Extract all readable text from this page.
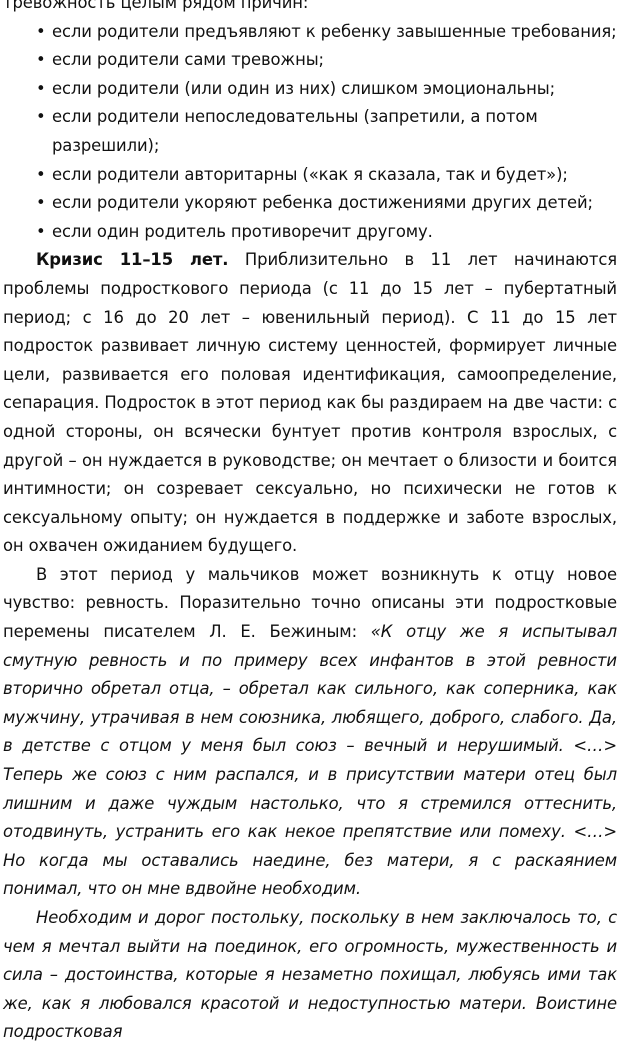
тревожность целым рядом причин:

• если родители предъявляют к ребенку завышенные требования;
• если родители сами тревожны;
• если родители (или один из них) слишком эмоциональны;
• если родители непоследовательны (запретили, а потом разрешили);
• если родители авторитарны («как я сказала, так и будет»);
• если родители укоряют ребенка достижениями других детей;
• если один родитель противоречит другому.

Кризис 11–15 лет. Приблизительно в 11 лет начинаются проблемы подросткового периода (с 11 до 15 лет – пубертатный период; с 16 до 20 лет – ювенильный период). С 11 до 15 лет подросток развивает личную систему ценностей, формирует личные цели, развивается его половая идентификация, самоопределение, сепарация. Подросток в этот период как бы раздираем на две части: с одной стороны, он всячески бунтует против контроля взрослых, с другой – он нуждается в руководстве; он мечтает о близости и боится интимности; он созревает сексуально, но психически не готов к сексуальному опыту; он нуждается в поддержке и заботе взрослых, он охвачен ожиданием будущего.

В этот период у мальчиков может возникнуть к отцу новое чувство: ревность. Поразительно точно описаны эти подростковые перемены писателем Л. Е. Бежиным: «К отцу же я испытывал смутную ревность и по примеру всех инфантов в этой ревности вторично обретал отца, – обретал как сильного, как соперника, как мужчину, утрачивая в нем союзника, любящего, доброго, слабого. Да, в детстве с отцом у меня был союз – вечный и нерушимый. <…> Теперь же союз с ним распался, и в присутствии матери отец был лишним и даже чуждым настолько, что я стремился оттеснить, отодвинуть, устранить его как некое препятствие или помеху. <…> Но когда мы оставались наедине, без матери, я с раскаянием понимал, что он мне вдвойне необходим.

Необходим и дорог постольку, поскольку в нем заключалось то, с чем я мечтал выйти на поединок, его огромность, мужественность и сила – достоинства, которые я незаметно похищал, любуясь ими так же, как я любовался красотой и недоступностью матери. Воистине подростковая
